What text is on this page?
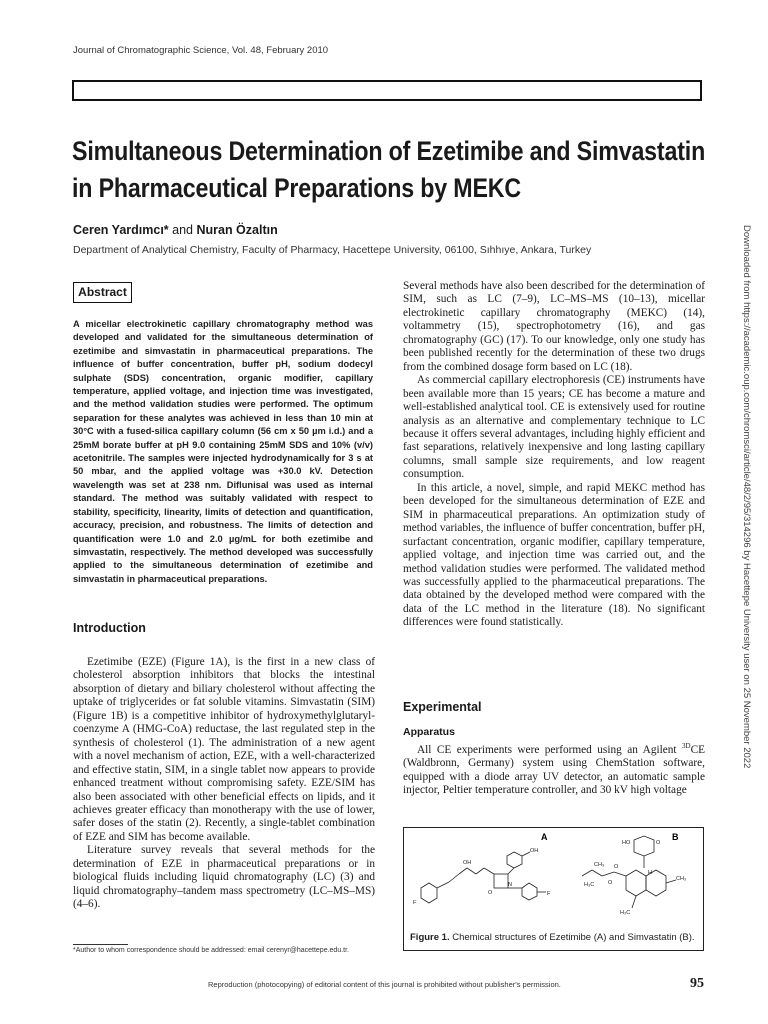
Journal of Chromatographic Science, Vol. 48, February 2010
Simultaneous Determination of Ezetimibe and Simvastatin in Pharmaceutical Preparations by MEKC
Ceren Yardımcı* and Nuran Özaltın
Department of Analytical Chemistry, Faculty of Pharmacy, Hacettepe University, 06100, Sıhhıye, Ankara, Turkey
Abstract
A micellar electrokinetic capillary chromatography method was developed and validated for the simultaneous determination of ezetimibe and simvastatin in pharmaceutical preparations. The influence of buffer concentration, buffer pH, sodium dodecyl sulphate (SDS) concentration, organic modifier, capillary temperature, applied voltage, and injection time was investigated, and the method validation studies were performed. The optimum separation for these analytes was achieved in less than 10 min at 30°C with a fused-silica capillary column (56 cm x 50 µm i.d.) and a 25mM borate buffer at pH 9.0 containing 25mM SDS and 10% (v/v) acetonitrile. The samples were injected hydrodynamically for 3 s at 50 mbar, and the applied voltage was +30.0 kV. Detection wavelength was set at 238 nm. Diflunisal was used as internal standard. The method was suitably validated with respect to stability, specificity, linearity, limits of detection and quantification, accuracy, precision, and robustness. The limits of detection and quantification were 1.0 and 2.0 µg/mL for both ezetimibe and simvastatin, respectively. The method developed was successfully applied to the simultaneous determination of ezetimibe and simvastatin in pharmaceutical preparations.
Introduction

Ezetimibe (EZE) (Figure 1A), is the first in a new class of cholesterol absorption inhibitors that blocks the intestinal absorption of dietary and biliary cholesterol without affecting the uptake of triglycerides or fat soluble vitamins. Simvastatin (SIM) (Figure 1B) is a competitive inhibitor of hydroxymethylglutaryl-coenzyme A (HMG-CoA) reductase, the last regulated step in the synthesis of cholesterol (1). The administration of a new agent with a novel mechanism of action, EZE, with a well-characterized and effective statin, SIM, in a single tablet now appears to provide enhanced treatment without compromising safety. EZE/SIM has also been associated with other beneficial effects on lipids, and it achieves greater efficacy than monotherapy with the use of lower, safer doses of the statin (2). Recently, a single-tablet combination of EZE and SIM has become available.

Literature survey reveals that several methods for the determination of EZE in pharmaceutical preparations or in biological fluids including liquid chromatography (LC) (3) and liquid chromatography–tandem mass spectrometry (LC–MS–MS) (4–6).

Several methods have also been described for the determination of SIM, such as LC (7–9), LC–MS–MS (10–13), micellar electrokinetic capillary chromatography (MEKC) (14), voltammetry (15), spectrophotometry (16), and gas chromatography (GC) (17). To our knowledge, only one study has been published recently for the determination of these two drugs from the combined dosage form based on LC (18).

As commercial capillary electrophoresis (CE) instruments have been available more than 15 years; CE has become a mature and well-established analytical tool. CE is extensively used for routine analysis as an alternative and complementary technique to LC because it offers several advantages, including highly efficient and fast separations, relatively inexpensive and long lasting capillary columns, small sample size requirements, and low reagent consumption.

In this article, a novel, simple, and rapid MEKC method has been developed for the simultaneous determination of EZE and SIM in pharmaceutical preparations. An optimization study of method variables, the influence of buffer concentration, buffer pH, surfactant concentration, organic modifier, capillary temperature, applied voltage, and injection time was carried out, and the method validation studies were performed. The validated method was successfully applied to the pharmaceutical preparations. The data obtained by the developed method were compared with the data of the LC method in the literature (18). No significant differences were found statistically.

Experimental
Apparatus

All CE experiments were performed using an Agilent $^{3D}$CE (Waldbronn, Germany) system using ChemStation software, equipped with a diode array UV detector, an automatic sample injector, Peltier temperature controller, and 30 kV high voltage

A	B
OH
OH
F
F
N
O
HO	O
O
O
H₃C
CH₃
CH₃
H₃C
H
Figure 1. Chemical structures of Ezetimibe (A) and Simvastatin (B).
*Author to whom correspondence should be addressed: email cerenyr@hacettepe.edu.tr.
Reproduction (photocopying) of editorial content of this journal is prohibited without publisher's permission.	95
Downloaded from https://academic.oup.com/chromsci/article/48/2/95/314296 by Hacettepe University user on 25 November 2022
